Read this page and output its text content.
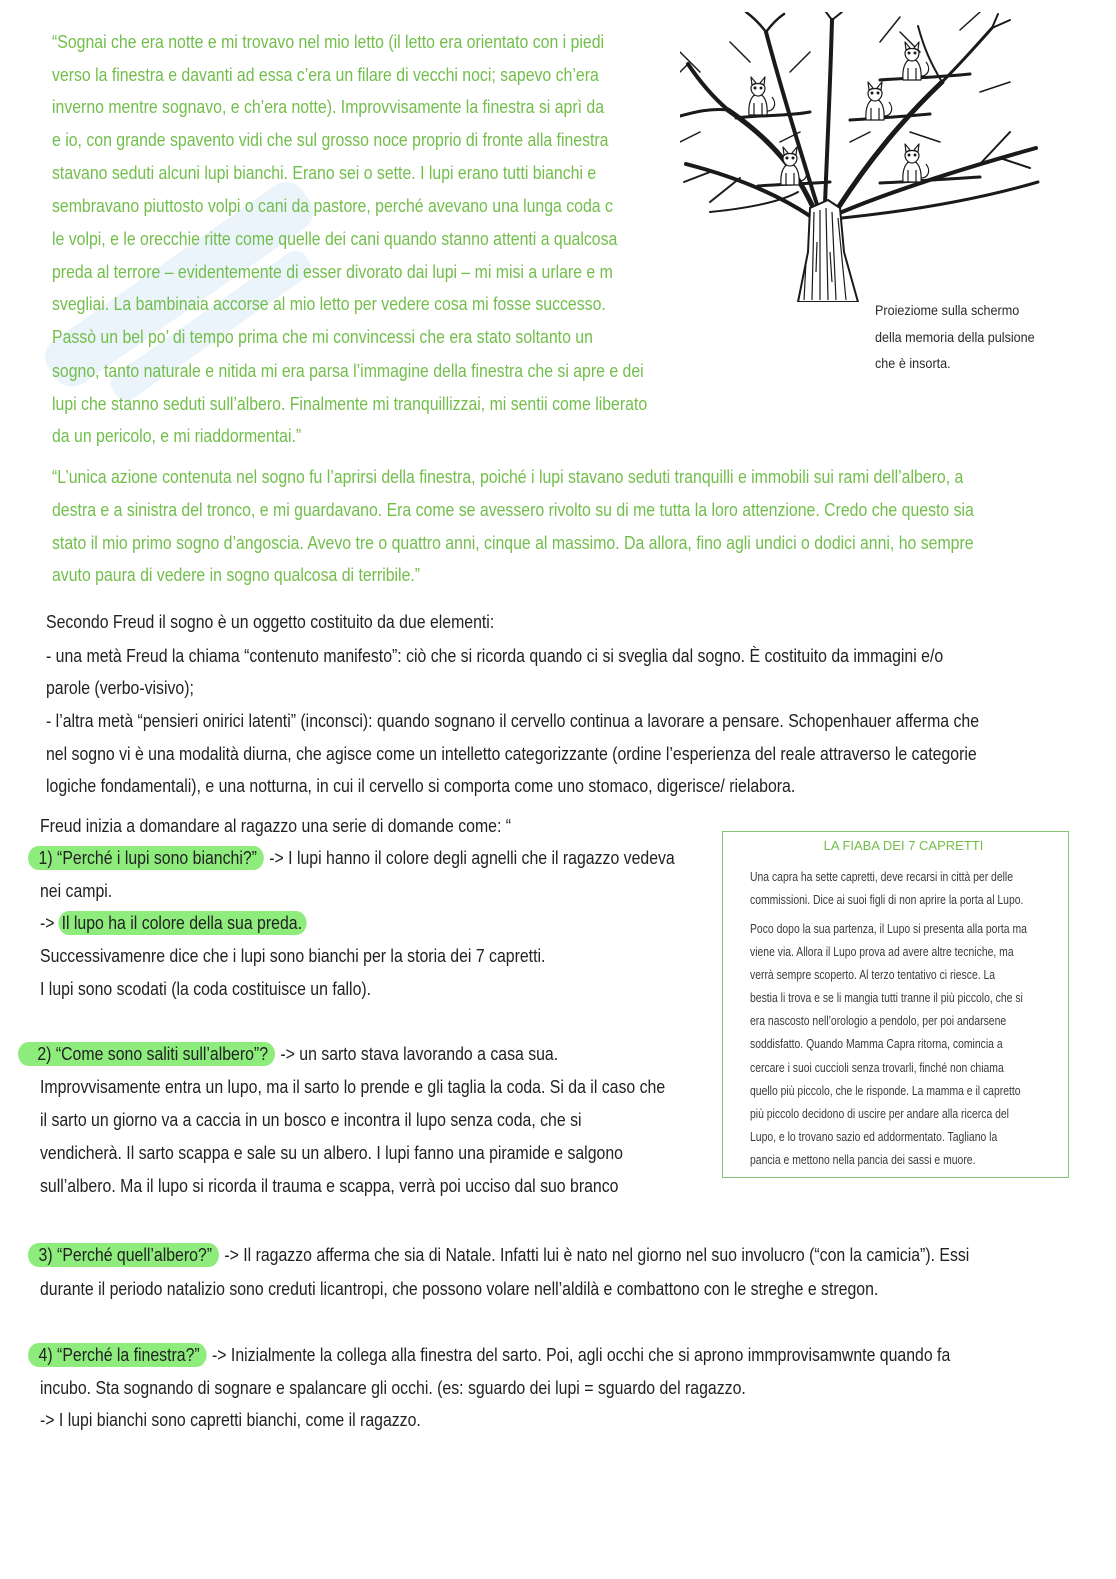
“Sognai che era notte e mi trovavo nel mio letto (il letto era orientato con i piedi
verso la finestra e davanti ad essa c’era un filare di vecchi noci; sapevo ch’era
inverno mentre sognavo, e ch’era notte). Improvvisamente la finestra si aprì da
e io, con grande spavento vidi che sul grosso noce proprio di fronte alla finestra
stavano seduti alcuni lupi bianchi. Erano sei o sette. I lupi erano tutti bianchi e
sembravano piuttosto volpi o cani da pastore, perché avevano una lunga coda c
le volpi, e le orecchie ritte come quelle dei cani quando stanno attenti a qualcosa
preda al terrore – evidentemente di esser divorato dai lupi – mi misi a urlare e m
svegliai. La bambinaia accorse al mio letto per vedere cosa mi fosse successo.
Passò un bel po’ di tempo prima che mi convincessi che era stato soltanto un
sogno, tanto naturale e nitida mi era parsa l’immagine della finestra che si apre e dei
lupi che stanno seduti sull’albero. Finalmente mi tranquillizzai, mi sentii come liberato
da un pericolo, e mi riaddormentai.”
Proieziome sulla schermo
della memoria della pulsione
che è insorta.
“L’unica azione contenuta nel sogno fu l’aprirsi della finestra, poiché i lupi stavano seduti tranquilli e immobili sui rami dell’albero, a
destra e a sinistra del tronco, e mi guardavano. Era come se avessero rivolto su di me tutta la loro attenzione. Credo che questo sia
stato il mio primo sogno d’angoscia. Avevo tre o quattro anni, cinque al massimo. Da allora, fino agli undici o dodici anni, ho sempre
avuto paura di vedere in sogno qualcosa di terribile.”
Secondo Freud il sogno è un oggetto costituito da due elementi:
- una metà Freud la chiama “contenuto manifesto”: ciò che si ricorda quando ci si sveglia dal sogno. È costituito da immagini e/o
parole (verbo-visivo);
- l’altra metà “pensieri onirici latenti” (inconsci): quando sognano il cervello continua a lavorare a pensare. Schopenhauer afferma che
nel sogno vi è una modalità diurna, che agisce come un intelletto categorizzante (ordine l’esperienza del reale attraverso le categorie
logiche fondamentali), e una notturna, in cui il cervello si comporta come uno stomaco, digerisce/ rielabora.
Freud inizia a domandare al ragazzo una serie di domande come: “
1) “Perché i lupi sono bianchi?” -> I lupi hanno il colore degli agnelli che il ragazzo vedeva
nei campi.
-> Il lupo ha il colore della sua preda.
Successivamenre dice che i lupi sono bianchi per la storia dei 7 capretti.
I lupi sono scodati (la coda costituisce un fallo).
2) “Come sono saliti sull’albero”? -> un sarto stava lavorando a casa sua.
Improvvisamente entra un lupo, ma il sarto lo prende e gli taglia la coda. Si da il caso che
il sarto un giorno va a caccia in un bosco e incontra il lupo senza coda, che si
vendicherà. Il sarto scappa e sale su un albero. I lupi fanno una piramide e salgono
sull’albero. Ma il lupo si ricorda il trauma e scappa, verrà poi ucciso dal suo branco
3) “Perché quell’albero?” -> Il ragazzo afferma che sia di Natale. Infatti lui è nato nel giorno nel suo involucro (“con la camicia”). Essi
durante il periodo natalizio sono creduti licantropi, che possono volare nell’aldilà e combattono con le streghe e stregon.
4) “Perché la finestra?” -> Inizialmente la collega alla finestra del sarto. Poi, agli occhi che si aprono immprovisamwnte quando fa
incubo. Sta sognando di sognare e spalancare gli occhi. (es: sguardo dei lupi = sguardo del ragazzo.
-> I lupi bianchi sono capretti bianchi, come il ragazzo.
LA FIABA DEI 7 CAPRETTI
Una capra ha sette capretti, deve recarsi in città per delle
commissioni. Dice ai suoi figli di non aprire la porta al Lupo.
Poco dopo la sua partenza, il Lupo si presenta alla porta ma
viene via. Allora il Lupo prova ad avere altre tecniche, ma
verrà sempre scoperto. Al terzo tentativo ci riesce. La
bestia li trova e se li mangia tutti tranne il più piccolo, che si
era nascosto nell’orologio a pendolo, per poi andarsene
soddisfatto. Quando Mamma Capra ritorna, comincia a
cercare i suoi cuccioli senza trovarli, finché non chiama
quello più piccolo, che le risponde. La mamma e il capretto
più piccolo decidono di uscire per andare alla ricerca del
Lupo, e lo trovano sazio ed addormentato. Tagliano la
pancia e mettono nella pancia dei sassi e muore.
